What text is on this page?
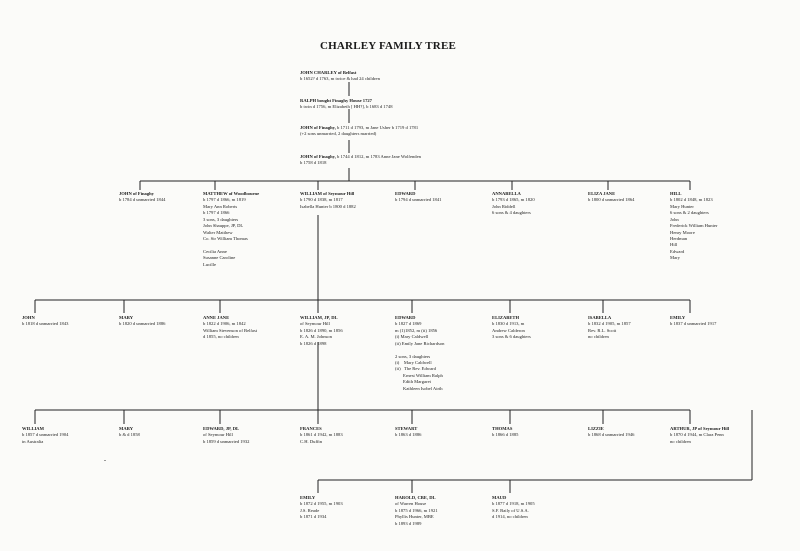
CHARLEY FAMILY TREE
JOHN CHARLEY of Belfast
b 1652? d 1763, m twice & had 24 children
RALPH bought Finaghy House 1727
b twin d 1756, m Elizabeth [ HH?], b 1683 d 1748
JOHN of Finaghy, b 1711 d 1793, m Jane Usher b 1719 d 1781
(+2 sons unmarried, 2 daughters married)
JOHN of Finaghy, b 1744 d 1812, m 1783 Anne Jane Wolfenden
b 1758 d 1818
JOHN of Finaghy
b 1784 d unmarried 1844
MATTHEW of Woodbourne
b 1797 d 1866, m 1819
Mary Ann Roberts
b 1797 d 1866
3 sons, 3 daughters
John Shauppe, JP, DL
Walter Matthew
Co. Sir William Thomas

Cecilia Anne
Susanne Caroline
Lucille
WILLIAM of Seymour Hill
b 1790 d 1838, m 1817
Isabella Hunter b 1800 d 1882
EDWARD
b 1794 d unmarried 1841
ANNABELLA
b 1793 d 1865, m 1820
John Riddell
6 sons & 4 daughters
ELIZA JANE
b 1800 d unmarried 1864
HILL
b 1802 d 1848, m 1823
Mary Hunter
6 sons & 2 daughters
John
Frederick William Hunter
Henry Moore
Herdman
Hill
Edward
Mary
JOHN
b 1818 d unmarried 1843
MARY
b 1820 d unmarried 1886
ANNE JANE
b 1822 d 1906, m 1842
William Stevenson of Belfast
d 1855, no children
WILLIAM, JP, DL
of Seymour Hill
b 1826 d 1890, m 1856
E. A. M. Johnson
b 1826 d 1898
EDWARD
b 1827 d 1869
m (1)1852, m (ii) 1856
(i) Mary Caldwell
(ii) Emily Jane Richardson

2 sons, 3 daughters
(i)    Mary Caldwell
(ii)   The Rev. Edward
Ernest William Ralph
Edith Margaret
Kathleen Isobel Airth
ELIZABETH
b 1830 d 1913, m
Andrew Calderon
3 sons & 6 daughters
ISABELLA
b 1832 d 1905, m 1857
Rev. R.L. Scott
no children
EMILY
b 1837 d unmarried 1917
WILLIAM
b 1857 d unmarried 1904
in Australia
MARY
b & d 1858
EDWARD, JP, DL
of Seymour Hill
b 1859 d unmarried 1932
FRANCES
b 1861 d 1942, m 1883
C.H. Duffin
STEWART
b 1863 d 1886
THOMAS
b 1866 d 1885
LIZZIE
b 1868 d unmarried 1946
ARTHUR, JP of Seymour Hill
b 1870 d 1944, m Clara Penn
no children
EMILY
b 1872 d 1955, m 1903
J.S. Reade
b 1871 d 1934
HAROLD, CBE, DL
of Warren House
b 1875 d 1966, m 1921
Phyllis Hunter, MBE
b 1893 d 1989
MAUD
b 1877 d 1918, m 1905
S.F. Baily of U.S.A.
d 1914, no children
